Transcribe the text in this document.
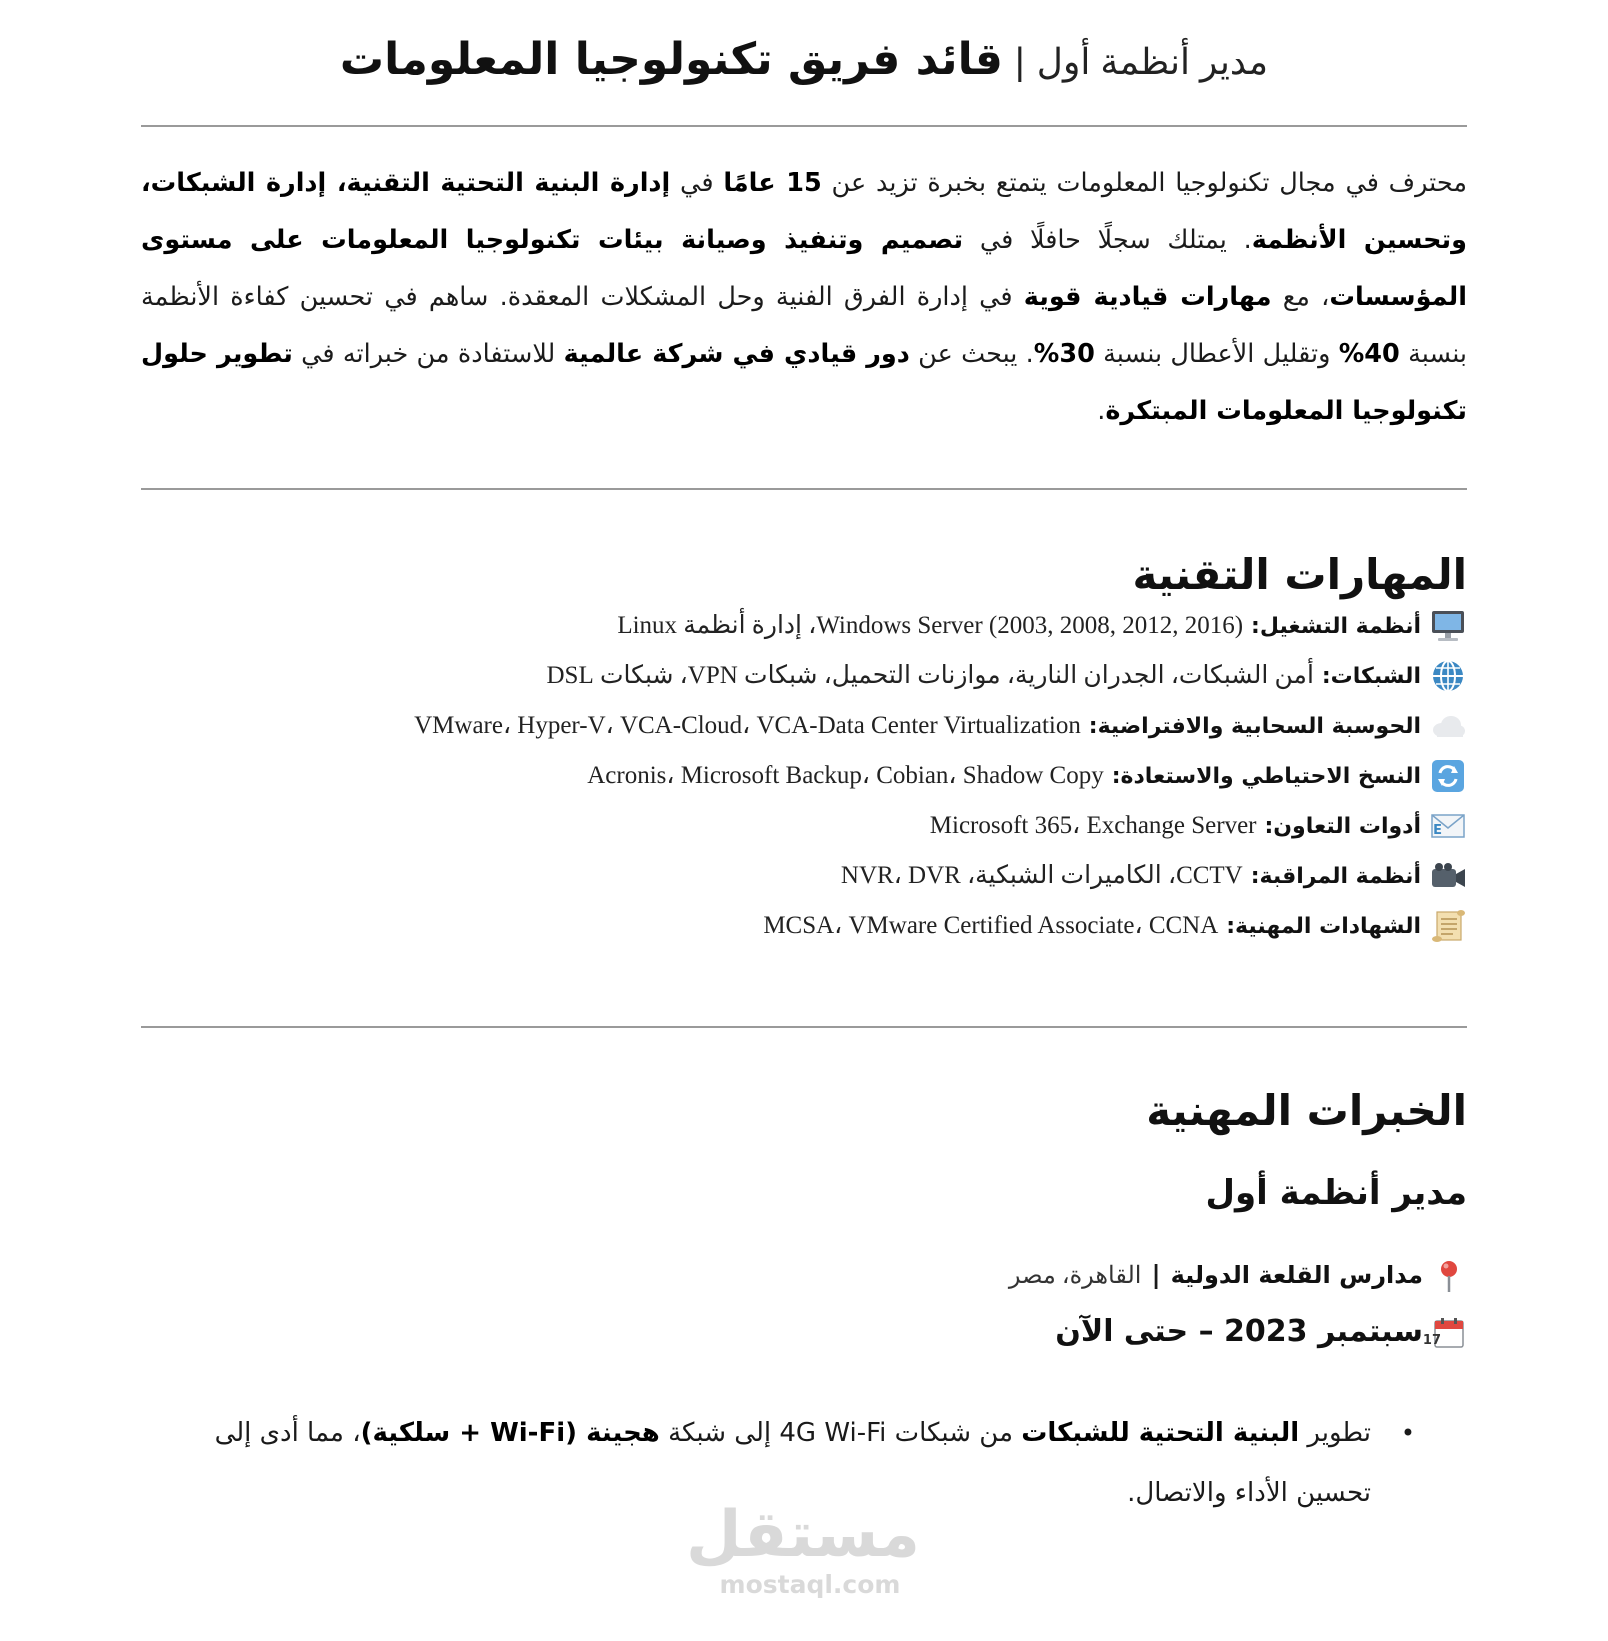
مدير أنظمة أول|قائد فريق تكنولوجيا المعلومات

محترف في مجال تكنولوجيا المعلومات يتمتع بخبرة تزيد عن 15 عامًا في إدارة البنية التحتية التقنية، إدارة الشبكات، وتحسين الأنظمة. يمتلك سجلًا حافلًا في تصميم وتنفيذ وصيانة بيئات تكنولوجيا المعلومات على مستوى المؤسسات، مع مهارات قيادية قوية في إدارة الفرق الفنية وحل المشكلات المعقدة. ساهم في تحسين كفاءة الأنظمة بنسبة 40% وتقليل الأعطال بنسبة 30%. يبحث عن دور قيادي في شركة عالمية للاستفادة من خبراته في تطوير حلول تكنولوجيا المعلومات المبتكرة.

المهارات التقنية
أنظمة التشغيل: Windows Server (2003, 2008, 2012, 2016)، إدارة أنظمة Linux
الشبكات: أمن الشبكات، الجدران النارية، موازنات التحميل، شبكات VPN، شبكات DSL
الحوسبة السحابية والافتراضية: VMware، Hyper-V، VCA-Cloud، VCA-Data Center Virtualization
النسخ الاحتياطي والاستعادة: Acronis، Microsoft Backup، Cobian، Shadow Copy
E
أدوات التعاون: Microsoft 365، Exchange Server
أنظمة المراقبة: CCTV، الكاميرات الشبكية، NVR، DVR
الشهادات المهنية: MCSA، VMware Certified Associate، CCNA
الخبرات المهنية
مدير أنظمة أول
مدارس القلعة الدولية|القاهرة، مصر
17
سبتمبر 2023 – حتى الآن
• تطوير البنية التحتية للشبكات من شبكات 4G Wi-Fi إلى شبكة هجينة (Wi-Fi + سلكية)، مما أدى إلى تحسين الأداء والاتصال.
مستقل
mostaql.com
